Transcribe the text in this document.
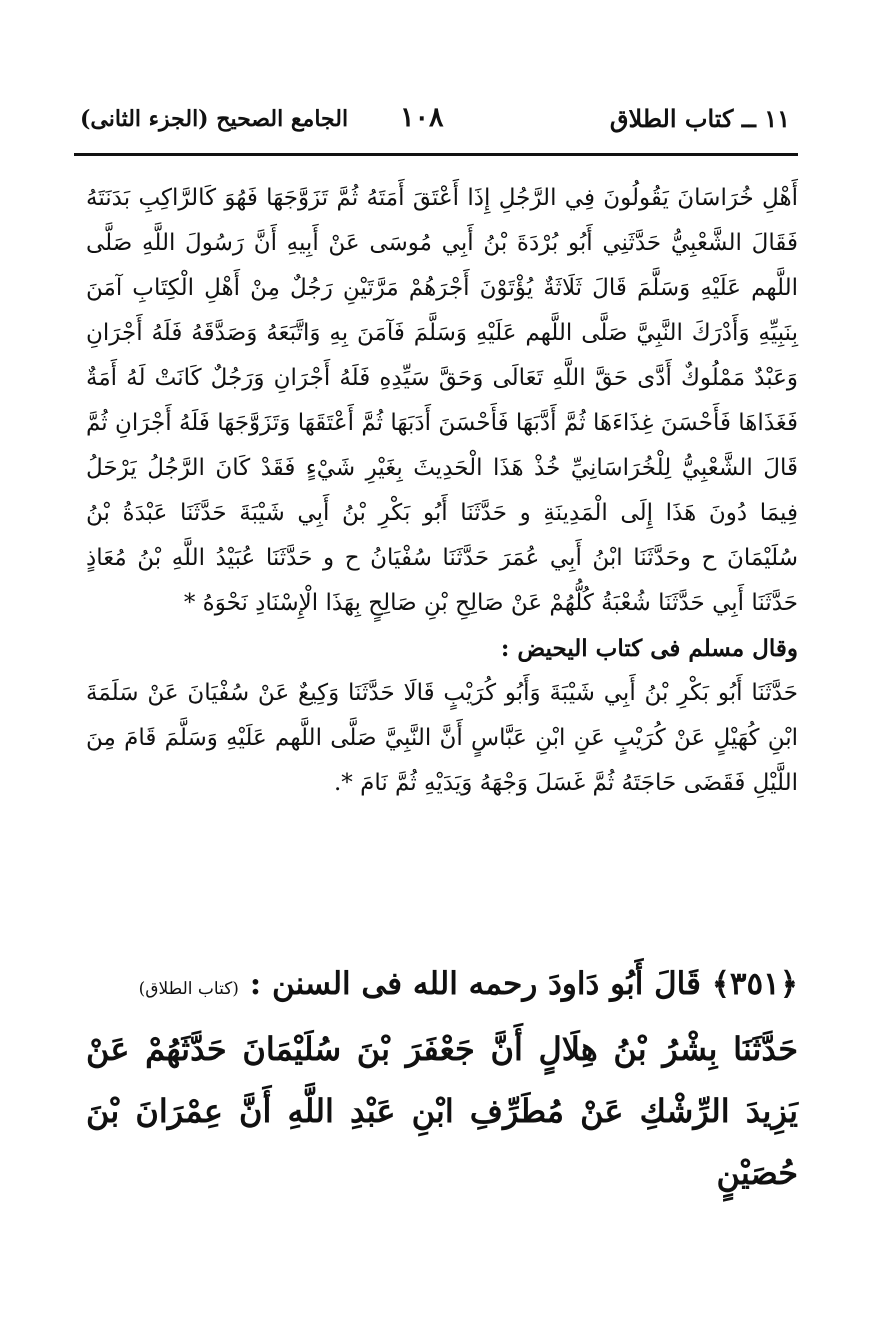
الجامع الصحيح (الجزء الثانى) ١٠٨	١١ ــ كتاب الطلاق

أَهْلِ خُرَاسَانَ يَقُولُونَ فِي الرَّجُلِ إِذَا أَعْتَقَ أَمَتَهُ ثُمَّ تَزَوَّجَهَا فَهُوَ كَالرَّاكِبِ بَدَنَتَهُ فَقَالَ الشَّعْبِيُّ حَدَّثَنِي أَبُو بُرْدَةَ بْنُ أَبِي مُوسَى عَنْ أَبِيهِ أَنَّ رَسُولَ اللَّهِ صَلَّى اللَّهم عَلَيْهِ وَسَلَّمَ قَالَ ثَلَاثَةٌ يُؤْتَوْنَ أَجْرَهُمْ مَرَّتَيْنِ رَجُلٌ مِنْ أَهْلِ الْكِتَابِ آمَنَ بِنَبِيِّهِ وَأَدْرَكَ النَّبِيَّ صَلَّى اللَّهم عَلَيْهِ وَسَلَّمَ فَآمَنَ بِهِ وَاتَّبَعَهُ وَصَدَّقَهُ فَلَهُ أَجْرَانِ وَعَبْدٌ مَمْلُوكٌ أَدَّى حَقَّ اللَّهِ تَعَالَى وَحَقَّ سَيِّدِهِ فَلَهُ أَجْرَانِ وَرَجُلٌ كَانَتْ لَهُ أَمَةٌ فَغَذَاهَا فَأَحْسَنَ غِذَاءَهَا ثُمَّ أَدَّبَهَا فَأَحْسَنَ أَدَبَهَا ثُمَّ أَعْتَقَهَا وَتَزَوَّجَهَا فَلَهُ أَجْرَانِ ثُمَّ قَالَ الشَّعْبِيُّ لِلْخُرَاسَانِيِّ خُذْ هَذَا الْحَدِيثَ بِغَيْرِ شَيْءٍ فَقَدْ كَانَ الرَّجُلُ يَرْحَلُ فِيمَا دُونَ هَذَا إِلَى الْمَدِينَةِ و حَدَّثَنَا أَبُو بَكْرِ بْنُ أَبِي شَيْبَةَ حَدَّثَنَا عَبْدَةُ بْنُ سُلَيْمَانَ ح وحَدَّثَنَا ابْنُ أَبِي عُمَرَ حَدَّثَنَا سُفْيَانُ ح و حَدَّثَنَا عُبَيْدُ اللَّهِ بْنُ مُعَاذٍ حَدَّثَنَا أَبِي حَدَّثَنَا شُعْبَةُ كُلُّهُمْ عَنْ صَالِحِ بْنِ صَالِحٍ بِهَذَا الْإِسْنَادِ نَحْوَهُ *

وقال مسلم فى كتاب اليحيض :

حَدَّثَنَا أَبُو بَكْرِ بْنُ أَبِي شَيْبَةَ وَأَبُو كُرَيْبٍ قَالَا حَدَّثَنَا وَكِيعٌ عَنْ سُفْيَانَ عَنْ سَلَمَةَ ابْنِ كُهَيْلٍ عَنْ كُرَيْبٍ عَنِ ابْنِ عَبَّاسٍ أَنَّ النَّبِيَّ صَلَّى اللَّهم عَلَيْهِ وَسَلَّمَ قَامَ مِنَ اللَّيْلِ فَقَضَى حَاجَتَهُ ثُمَّ غَسَلَ وَجْهَهُ وَيَدَيْهِ ثُمَّ نَامَ *.

﴿٣٥١﴾ قَالَ أَبُو دَاودَ رحمه الله فى السنن : (كتاب الطلاق)

حَدَّثَنَا بِشْرُ بْنُ هِلَالٍ أَنَّ جَعْفَرَ بْنَ سُلَيْمَانَ حَدَّثَهُمْ عَنْ يَزِيدَ الرِّشْكِ عَنْ مُطَرِّفِ ابْنِ عَبْدِ اللَّهِ أَنَّ عِمْرَانَ بْنَ حُصَيْنٍ
